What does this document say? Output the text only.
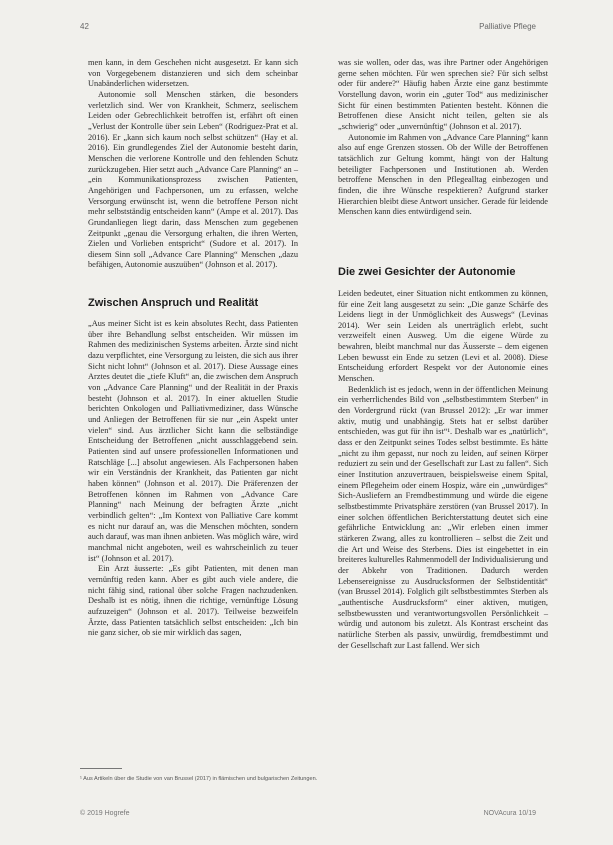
42	Palliative Pflege

men kann, in dem Geschehen nicht ausgesetzt. Er kann sich von Vorgegebenem distanzieren und sich dem scheinbar Unabänderlichen widersetzen.

Autonomie soll Menschen stärken, die besonders verletzlich sind. Wer von Krankheit, Schmerz, seelischem Leiden oder Gebrechlichkeit betroffen ist, erfährt oft einen „Verlust der Kontrolle über sein Leben“ (Rodriguez-Prat et al. 2016). Er „kann sich kaum noch selbst schützen“ (Hay et al. 2016). Ein grundlegendes Ziel der Autonomie besteht darin, Menschen die verlorene Kontrolle und den fehlenden Schutz zurückzugeben. Hier setzt auch „Advance Care Planning“ an – „ein Kommunikationsprozess zwischen Patienten, Angehörigen und Fachpersonen, um zu erfassen, welche Versorgung erwünscht ist, wenn die betroffene Person nicht mehr selbstständig entscheiden kann“ (Ampe et al. 2017). Das Grundanliegen liegt darin, dass Menschen zum gegebenen Zeitpunkt „genau die Versorgung erhalten, die ihren Werten, Zielen und Vorlieben entspricht“ (Sudore et al. 2017). In diesem Sinn soll „Advance Care Planning“ Menschen „dazu befähigen, Autonomie auszuüben“ (Johnson et al. 2017).

Zwischen Anspruch und Realität

„Aus meiner Sicht ist es kein absolutes Recht, dass Patienten über ihre Behandlung selbst entscheiden. Wir müssen im Rahmen des medizinischen Systems arbeiten. Ärzte sind nicht dazu verpflichtet, eine Versorgung zu leisten, die sich aus ihrer Sicht nicht lohnt“ (Johnson et al. 2017). Diese Aussage eines Arztes deutet die „tiefe Kluft“ an, die zwischen dem Anspruch von „Advance Care Planning“ und der Realität in der Praxis besteht (Johnson et al. 2017). In einer aktuellen Studie berichten Onkologen und Palliativmediziner, dass Wünsche und Anliegen der Betroffenen für sie nur „ein Aspekt unter vielen“ sind. Aus ärztlicher Sicht kann die selbständige Entscheidung der Betroffenen „nicht ausschlaggebend sein. Patienten sind auf unsere professionellen Informationen und Ratschläge [...] absolut angewiesen. Als Fachpersonen haben wir ein Verständnis der Krankheit, das Patienten gar nicht haben können“ (Johnson et al. 2017). Die Präferenzen der Betroffenen können im Rahmen von „Advance Care Planning“ nach Meinung der befragten Ärzte „nicht verbindlich gelten“: „Im Kontext von Palliative Care kommt es nicht nur darauf an, was die Menschen möchten, sondern auch darauf, was man ihnen anbieten. Was möglich wäre, wird manchmal nicht angeboten, weil es wahrscheinlich zu teuer ist“ (Johnson et al. 2017).

Ein Arzt äusserte: „Es gibt Patienten, mit denen man vernünftig reden kann. Aber es gibt auch viele andere, die nicht fähig sind, rational über solche Fragen nachzudenken. Deshalb ist es nötig, ihnen die richtige, vernünftige Lösung aufzuzeigen“ (Johnson et al. 2017). Teilweise bezweifeln Ärzte, dass Patienten tatsächlich selbst entscheiden: „Ich bin nie ganz sicher, ob sie mir wirklich das sagen,

was sie wollen, oder das, was ihre Partner oder Angehörigen gerne sehen möchten. Für wen sprechen sie? Für sich selbst oder für andere?“ Häufig haben Ärzte eine ganz bestimmte Vorstellung davon, worin ein „guter Tod“ aus medizinischer Sicht für einen bestimmten Patienten besteht. Können die Betroffenen diese Ansicht nicht teilen, gelten sie als „schwierig“ oder „unvernünftig“ (Johnson et al. 2017).

Autonomie im Rahmen von „Advance Care Planning“ kann also auf enge Grenzen stossen. Ob der Wille der Betroffenen tatsächlich zur Geltung kommt, hängt von der Haltung beteiligter Fachpersonen und Institutionen ab. Werden betroffene Menschen in den Pflegealltag einbezogen und finden, die ihre Wünsche respektieren? Aufgrund starker Hierarchien bleibt diese Antwort unsicher. Gerade für leidende Menschen kann dies entwürdigend sein.

Die zwei Gesichter der Autonomie

Leiden bedeutet, einer Situation nicht entkommen zu können, für eine Zeit lang ausgesetzt zu sein: „Die ganze Schärfe des Leidens liegt in der Unmöglichkeit des Auswegs“ (Levinas 2014). Wer sein Leiden als unerträglich erlebt, sucht verzweifelt einen Ausweg. Um die eigene Würde zu bewahren, bleibt manchmal nur das Äusserste – dem eigenen Leben bewusst ein Ende zu setzen (Levi et al. 2008). Diese Entscheidung erfordert Respekt vor der Autonomie eines Menschen.

Bedenklich ist es jedoch, wenn in der öffentlichen Meinung ein verherrlichendes Bild von „selbstbestimmtem Sterben“ in den Vordergrund rückt (van Brussel 2012): „Er war immer aktiv, mutig und unabhängig. Stets hat er selbst darüber entschieden, was gut für ihn ist“¹. Deshalb war es „natürlich“, dass er den Zeitpunkt seines Todes selbst bestimmte. Es hätte „nicht zu ihm gepasst, nur noch zu leiden, auf seinen Körper reduziert zu sein und der Gesellschaft zur Last zu fallen“. Sich einer Institution anzuvertrauen, beispielsweise einem Spital, einem Pflegeheim oder einem Hospiz, wäre ein „unwürdiges“ Sich-Ausliefern an Fremdbestimmung und würde die eigene selbstbestimmte Privatsphäre zerstören (van Brussel 2017). In einer solchen öffentlichen Berichterstattung deutet sich eine gefährliche Entwicklung an: „Wir erleben einen immer stärkeren Zwang, alles zu kontrollieren – selbst die Zeit und die Art und Weise des Sterbens. Dies ist eingebettet in ein breiteres kulturelles Rahmenmodell der Individualisierung und der Abkehr von Traditionen. Dadurch werden Lebensereignisse zu Ausdrucksformen der Selbstidentität“ (van Brussel 2014). Folglich gilt selbstbestimmtes Sterben als „authentische Ausdrucksform“ einer aktiven, mutigen, selbstbewussten und verantwortungsvollen Persönlichkeit – würdig und autonom bis zuletzt. Als Kontrast erscheint das natürliche Sterben als passiv, unwürdig, fremdbestimmt und der Gesellschaft zur Last fallend. Wer sich

¹ Aus Artikeln über die Studie von van Brussel (2017) in flämischen und bulgarischen Zeitungen.
© 2019 Hogrefe	NOVAcura 10/19
